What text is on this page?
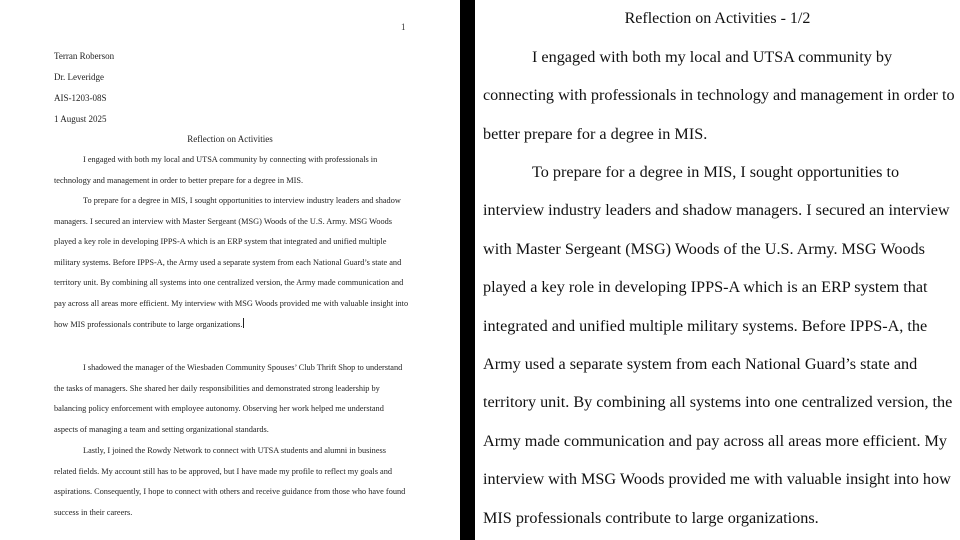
1
Terran Roberson
Dr. Leveridge
AIS-1203-08S
1 August 2025
Reflection on Activities
I engaged with both my local and UTSA community by connecting with professionals in technology and management in order to better prepare for a degree in MIS.
To prepare for a degree in MIS, I sought opportunities to interview industry leaders and shadow managers. I secured an interview with Master Sergeant (MSG) Woods of the U.S. Army. MSG Woods played a key role in developing IPPS-A which is an ERP system that integrated and unified multiple military systems. Before IPPS-A, the Army used a separate system from each National Guard’s state and territory unit. By combining all systems into one centralized version, the Army made communication and pay across all areas more efficient. My interview with MSG Woods provided me with valuable insight into how MIS professionals contribute to large organizations.
I shadowed the manager of the Wiesbaden Community Spouses’ Club Thrift Shop to understand the tasks of managers. She shared her daily responsibilities and demonstrated strong leadership by balancing policy enforcement with employee autonomy. Observing her work helped me understand aspects of managing a team and setting organizational standards.
Lastly, I joined the Rowdy Network to connect with UTSA students and alumni in business related fields. My account still has to be approved, but I have made my profile to reflect my goals and aspirations. Consequently, I hope to connect with others and receive guidance from those who have found success in their careers.
Reflection on Activities - 1/2
I engaged with both my local and UTSA community by connecting with professionals in technology and management in order to better prepare for a degree in MIS.
To prepare for a degree in MIS, I sought opportunities to interview industry leaders and shadow managers. I secured an interview with Master Sergeant (MSG) Woods of the U.S. Army. MSG Woods played a key role in developing IPPS-A which is an ERP system that integrated and unified multiple military systems. Before IPPS-A, the Army used a separate system from each National Guard’s state and territory unit. By combining all systems into one centralized version, the Army made communication and pay across all areas more efficient. My interview with MSG Woods provided me with valuable insight into how MIS professionals contribute to large organizations.
